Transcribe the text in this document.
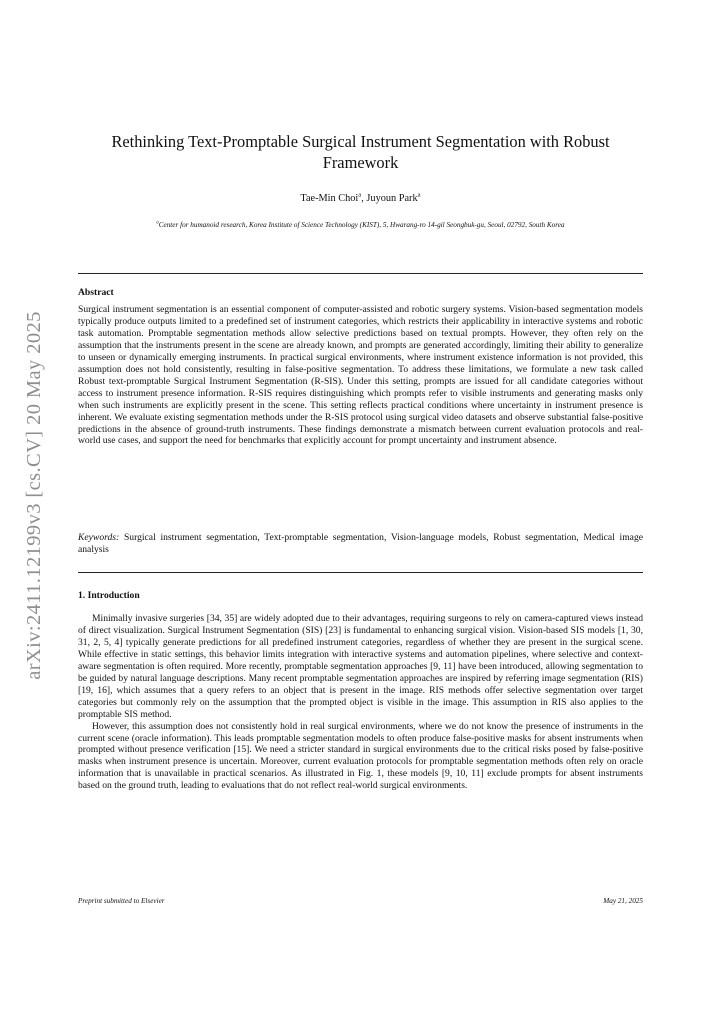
arXiv:2411.12199v3 [cs.CV] 20 May 2025
Rethinking Text-Promptable Surgical Instrument Segmentation with Robust Framework
Tae-Min Choi$^a$, Juyoun Park$^a$
$^a$Center for humanoid research, Korea Institute of Science Technology (KIST), 5, Hwarang-ro 14-gil Seongbuk-gu, Seoul, 02792, South Korea
Abstract

Surgical instrument segmentation is an essential component of computer-assisted and robotic surgery systems. Vision-based segmentation models typically produce outputs limited to a predefined set of instrument categories, which restricts their applicability in interactive systems and robotic task automation. Promptable segmentation methods allow selective predictions based on textual prompts. However, they often rely on the assumption that the instruments present in the scene are already known, and prompts are generated accordingly, limiting their ability to generalize to unseen or dynamically emerging instruments. In practical surgical environments, where instrument existence information is not provided, this assumption does not hold consistently, resulting in false-positive segmentation. To address these limitations, we formulate a new task called Robust text-promptable Surgical Instrument Segmentation (R-SIS). Under this setting, prompts are issued for all candidate categories without access to instrument presence information. R-SIS requires distinguishing which prompts refer to visible instruments and generating masks only when such instruments are explicitly present in the scene. This setting reflects practical conditions where uncertainty in instrument presence is inherent. We evaluate existing segmentation methods under the R-SIS protocol using surgical video datasets and observe substantial false-positive predictions in the absence of ground-truth instruments. These findings demonstrate a mismatch between current evaluation protocols and real-world use cases, and support the need for benchmarks that explicitly account for prompt uncertainty and instrument absence.

Keywords: Surgical instrument segmentation, Text-promptable segmentation, Vision-language models, Robust segmentation, Medical image analysis

1. Introduction

Minimally invasive surgeries [34, 35] are widely adopted due to their advantages, requiring surgeons to rely on camera-captured views instead of direct visualization. Surgical Instrument Segmentation (SIS) [23] is fundamental to enhancing surgical vision. Vision-based SIS models [1, 30, 31, 2, 5, 4] typically generate predictions for all predefined instrument categories, regardless of whether they are present in the surgical scene. While effective in static settings, this behavior limits integration with interactive systems and automation pipelines, where selective and context-aware segmentation is often required. More recently, promptable segmentation approaches [9, 11] have been introduced, allowing segmentation to be guided by natural language descriptions. Many recent promptable segmentation approaches are inspired by referring image segmentation (RIS) [19, 16], which assumes that a query refers to an object that is present in the image. RIS methods offer selective segmentation over target categories but commonly rely on the assumption that the prompted object is visible in the image. This assumption in RIS also applies to the promptable SIS method.

However, this assumption does not consistently hold in real surgical environments, where we do not know the presence of instruments in the current scene (oracle information). This leads promptable segmentation models to often produce false-positive masks for absent instruments when prompted without presence verification [15]. We need a stricter standard in surgical environments due to the critical risks posed by false-positive masks when instrument presence is uncertain. Moreover, current evaluation protocols for promptable segmentation methods often rely on oracle information that is unavailable in practical scenarios. As illustrated in Fig. 1, these models [9, 10, 11] exclude prompts for absent instruments based on the ground truth, leading to evaluations that do not reflect real-world surgical environments.

Preprint submitted to Elsevier	May 21, 2025
